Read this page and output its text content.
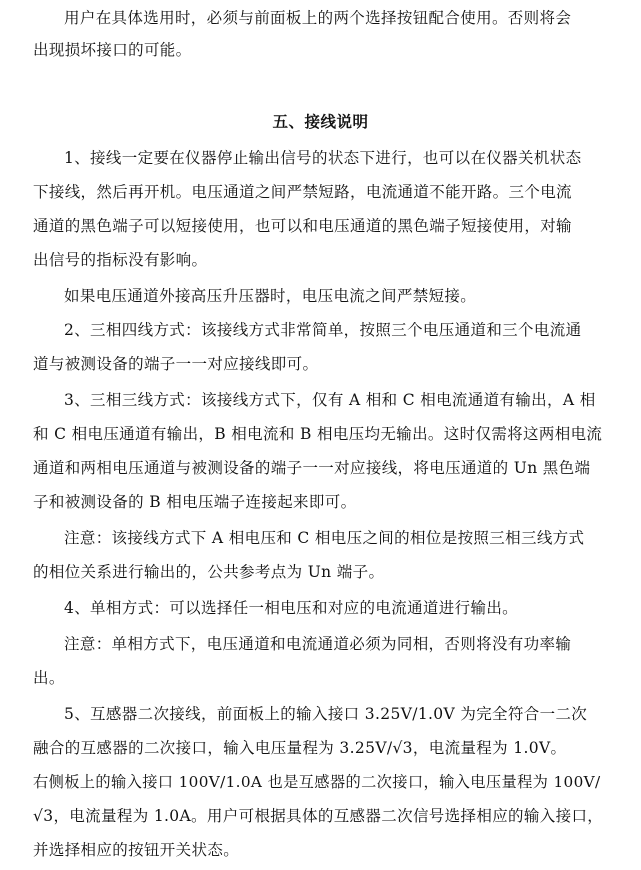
用户在具体选用时，必须与前面板上的两个选择按钮配合使用。否则将会
出现损坏接口的可能。
五、接线说明
1、接线一定要在仪器停止输出信号的状态下进行，也可以在仪器关机状态
下接线，然后再开机。电压通道之间严禁短路，电流通道不能开路。三个电流
通道的黑色端子可以短接使用，也可以和电压通道的黑色端子短接使用，对输
出信号的指标没有影响。
如果电压通道外接高压升压器时，电压电流之间严禁短接。
2、三相四线方式：该接线方式非常简单，按照三个电压通道和三个电流通
道与被测设备的端子一一对应接线即可。
3、三相三线方式：该接线方式下，仅有 A 相和 C 相电流通道有输出，A 相
和 C 相电压通道有输出，B 相电流和 B 相电压均无输出。这时仅需将这两相电流
通道和两相电压通道与被测设备的端子一一对应接线，将电压通道的 Un 黑色端
子和被测设备的 B 相电压端子连接起来即可。
注意：该接线方式下 A 相电压和 C 相电压之间的相位是按照三相三线方式
的相位关系进行输出的，公共参考点为 Un 端子。
4、单相方式：可以选择任一相电压和对应的电流通道进行输出。
注意：单相方式下，电压通道和电流通道必须为同相，否则将没有功率输
出。
5、互感器二次接线，前面板上的输入接口 3.25V/1.0V 为完全符合一二次
融合的互感器的二次接口，输入电压量程为 3.25V/√3，电流量程为 1.0V。
右侧板上的输入接口 100V/1.0A 也是互感器的二次接口，输入电压量程为 100V/
√3，电流量程为 1.0A。用户可根据具体的互感器二次信号选择相应的输入接口，
并选择相应的按钮开关状态。
